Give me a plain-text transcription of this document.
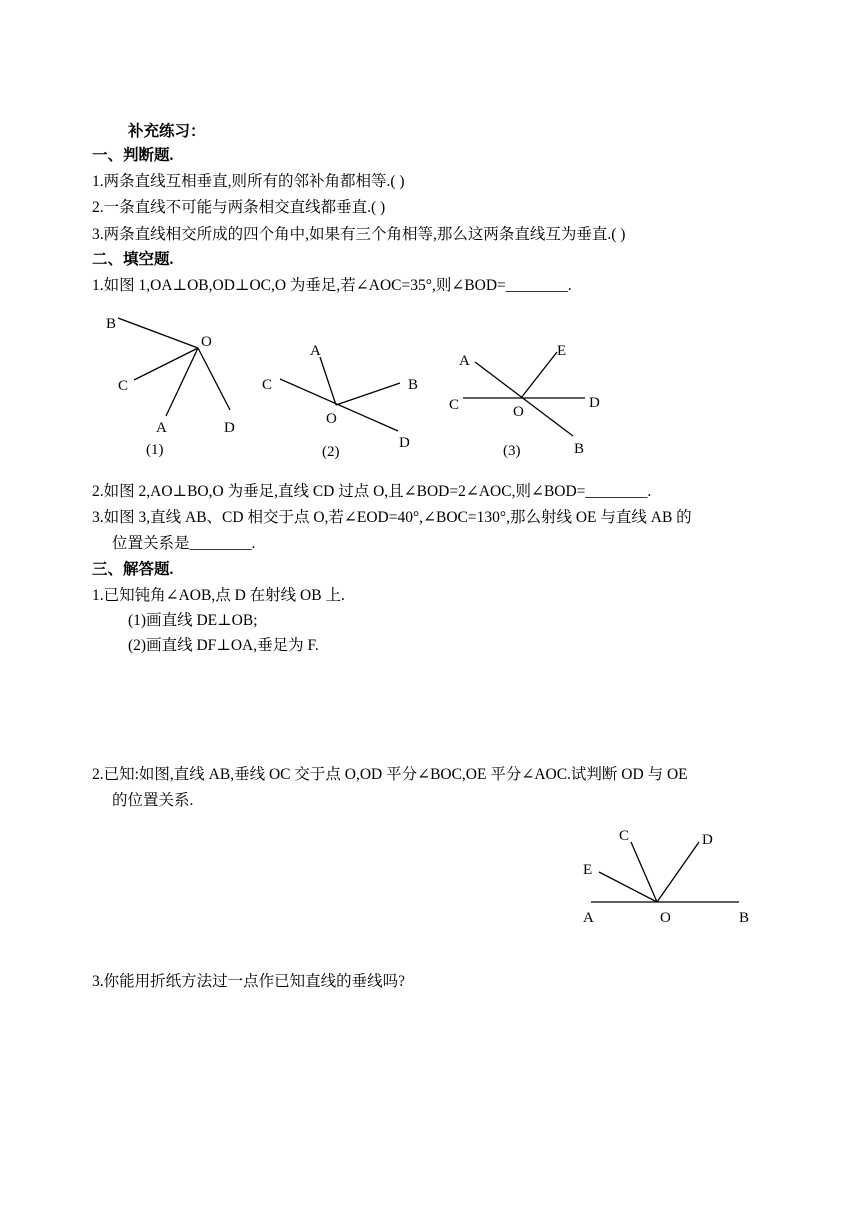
补充练习：
一、判断题.
1.两条直线互相垂直,则所有的邻补角都相等.( )
2.一条直线不可能与两条相交直线都垂直.( )
3.两条直线相交所成的四个角中,如果有三个角相等,那么这两条直线互为垂直.( )
二、填空题.
1.如图 1,OA⊥OB,OD⊥OC,O 为垂足,若∠AOC=35°,则∠BOD=________.
B
O
C
A	D
(1)
A
C	B
O
D
(2)
A
E
C	O
D
B
(3)
2.如图 2,AO⊥BO,O 为垂足,直线 CD 过点 O,且∠BOD=2∠AOC,则∠BOD=________.
3.如图 3,直线 AB、CD 相交于点 O,若∠EOD=40°,∠BOC=130°,那么射线 OE 与直线 AB 的
位置关系是________.
三、解答题.
1.已知钝角∠AOB,点 D 在射线 OB 上.
(1)画直线 DE⊥OB;
(2)画直线 DF⊥OA,垂足为 F.
2.已知:如图,直线 AB,垂线 OC 交于点 O,OD 平分∠BOC,OE 平分∠AOC.试判断 OD 与 OE
的位置关系.
C	D
E
A	O	B
3.你能用折纸方法过一点作已知直线的垂线吗?
